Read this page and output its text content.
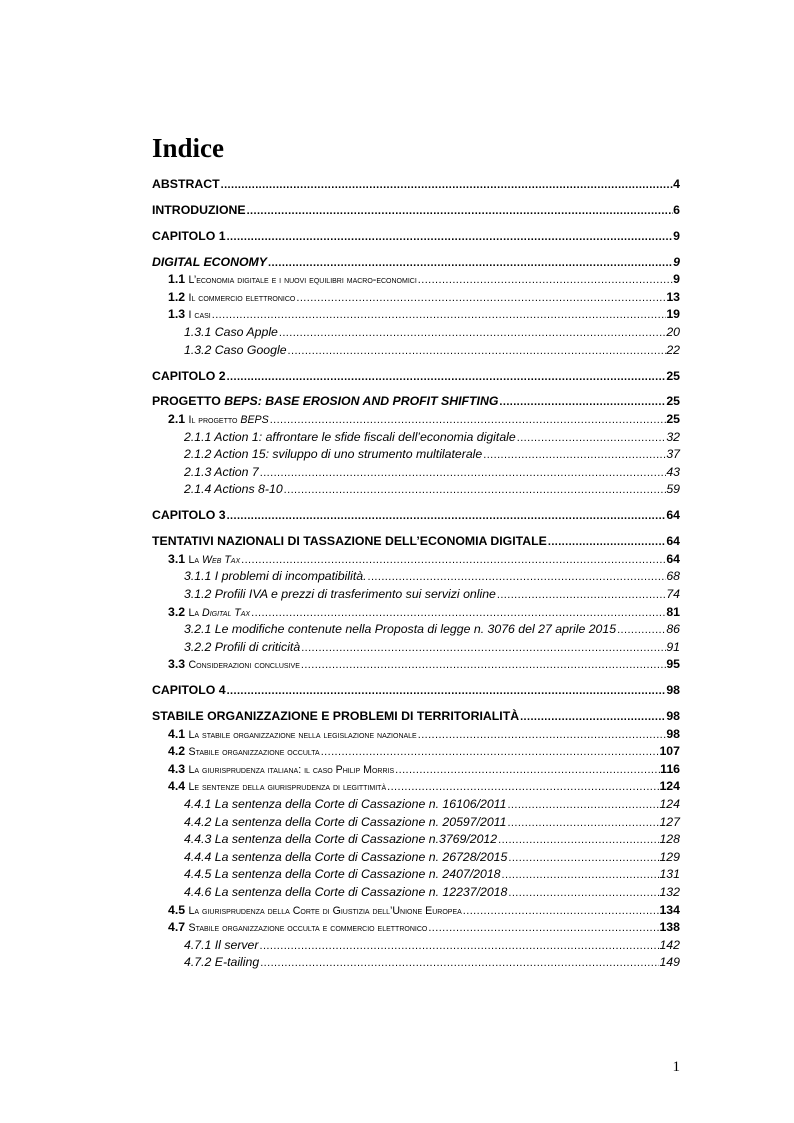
Indice
ABSTRACT .....	4
INTRODUZIONE .....	6
CAPITOLO 1 .....	9
DIGITAL ECONOMY .....	9
1.1 L’economia digitale e i nuovi equilibri macro-economici .....	9
1.2 Il commercio elettronico .....	13
1.3 I casi .....	19
1.3.1 Caso Apple .....	20
1.3.2 Caso Google .....	22
CAPITOLO 2 .....	25
PROGETTO BEPS: BASE EROSION AND PROFIT SHIFTING .....	25
2.1 Il progetto BEPS .....	25
2.1.1 Action 1: affrontare le sfide fiscali dell’economia digitale .....	32
2.1.2 Action 15: sviluppo di uno strumento multilaterale .....	37
2.1.3 Action 7 .....	43
2.1.4 Actions 8-10 .....	59
CAPITOLO 3 .....	64
TENTATIVI NAZIONALI DI TASSAZIONE DELL’ECONOMIA DIGITALE .....	64
3.1 La Web Tax .....	64
3.1.1 I problemi di incompatibilità. .....	68
3.1.2 Profili IVA e prezzi di trasferimento sui servizi online .....	74
3.2 La Digital Tax .....	81
3.2.1 Le modifiche contenute nella Proposta di legge n. 3076 del 27 aprile 2015 .....	86
3.2.2 Profili di criticità .....	91
3.3 Considerazioni conclusive .....	95
CAPITOLO 4 .....	98
STABILE ORGANIZZAZIONE E PROBLEMI DI TERRITORIALITÀ .....	98
4.1 La stabile organizzazione nella legislazione nazionale .....	98
4.2 Stabile organizzazione occulta .....	107
4.3 La giurisprudenza italiana: il caso Philip Morris .....	116
4.4 Le sentenze della giurisprudenza di legittimità .....	124
4.4.1 La sentenza della Corte di Cassazione n. 16106/2011 .....	124
4.4.2 La sentenza della Corte di Cassazione n. 20597/2011 .....	127
4.4.3 La sentenza della Corte di Cassazione n.3769/2012 .....	128
4.4.4 La sentenza della Corte di Cassazione n. 26728/2015 .....	129
4.4.5 La sentenza della Corte di Cassazione n. 2407/2018 .....	131
4.4.6 La sentenza della Corte di Cassazione n. 12237/2018 .....	132
4.5 La giurisprudenza della Corte di Giustizia dell’Unione Europea .....	134
4.7 Stabile organizzazione occulta e commercio elettronico .....	138
4.7.1 Il server .....	142
4.7.2 E-tailing .....	149
1
